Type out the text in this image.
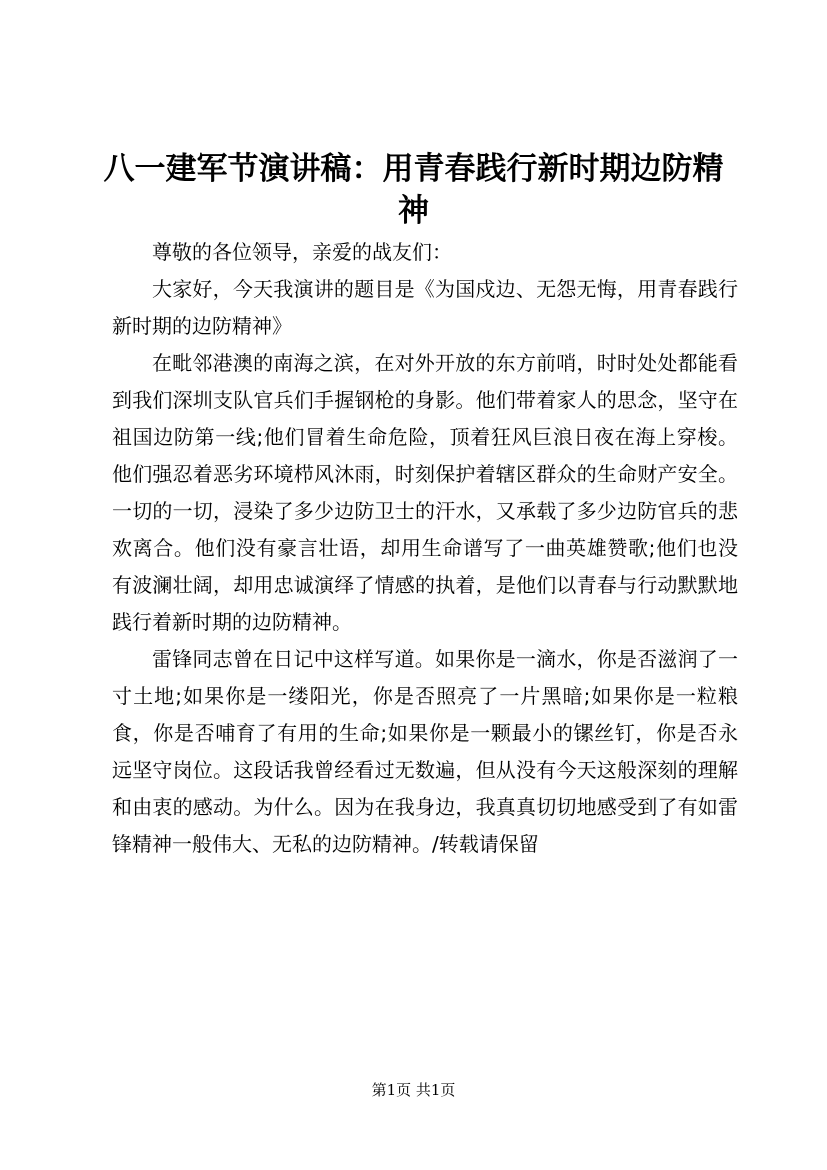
八一建军节演讲稿：用青春践行新时期边防精神

尊敬的各位领导，亲爱的战友们：

大家好，今天我演讲的题目是《为国戍边、无怨无悔，用青春践行新时期的边防精神》

在毗邻港澳的南海之滨，在对外开放的东方前哨，时时处处都能看到我们深圳支队官兵们手握钢枪的身影。他们带着家人的思念，坚守在祖国边防第一线;他们冒着生命危险，顶着狂风巨浪日夜在海上穿梭。他们强忍着恶劣环境栉风沐雨，时刻保护着辖区群众的生命财产安全。一切的一切，浸染了多少边防卫士的汗水，又承载了多少边防官兵的悲欢离合。他们没有豪言壮语，却用生命谱写了一曲英雄赞歌;他们也没有波澜壮阔，却用忠诚演绎了情感的执着，是他们以青春与行动默默地践行着新时期的边防精神。

雷锋同志曾在日记中这样写道。如果你是一滴水，你是否滋润了一寸土地;如果你是一缕阳光，你是否照亮了一片黑暗;如果你是一粒粮食，你是否哺育了有用的生命;如果你是一颗最小的镙丝钉，你是否永远坚守岗位。这段话我曾经看过无数遍，但从没有今天这般深刻的理解和由衷的感动。为什么。因为在我身边，我真真切切地感受到了有如雷锋精神一般伟大、无私的边防精神。/转载请保留

第1页 共1页
